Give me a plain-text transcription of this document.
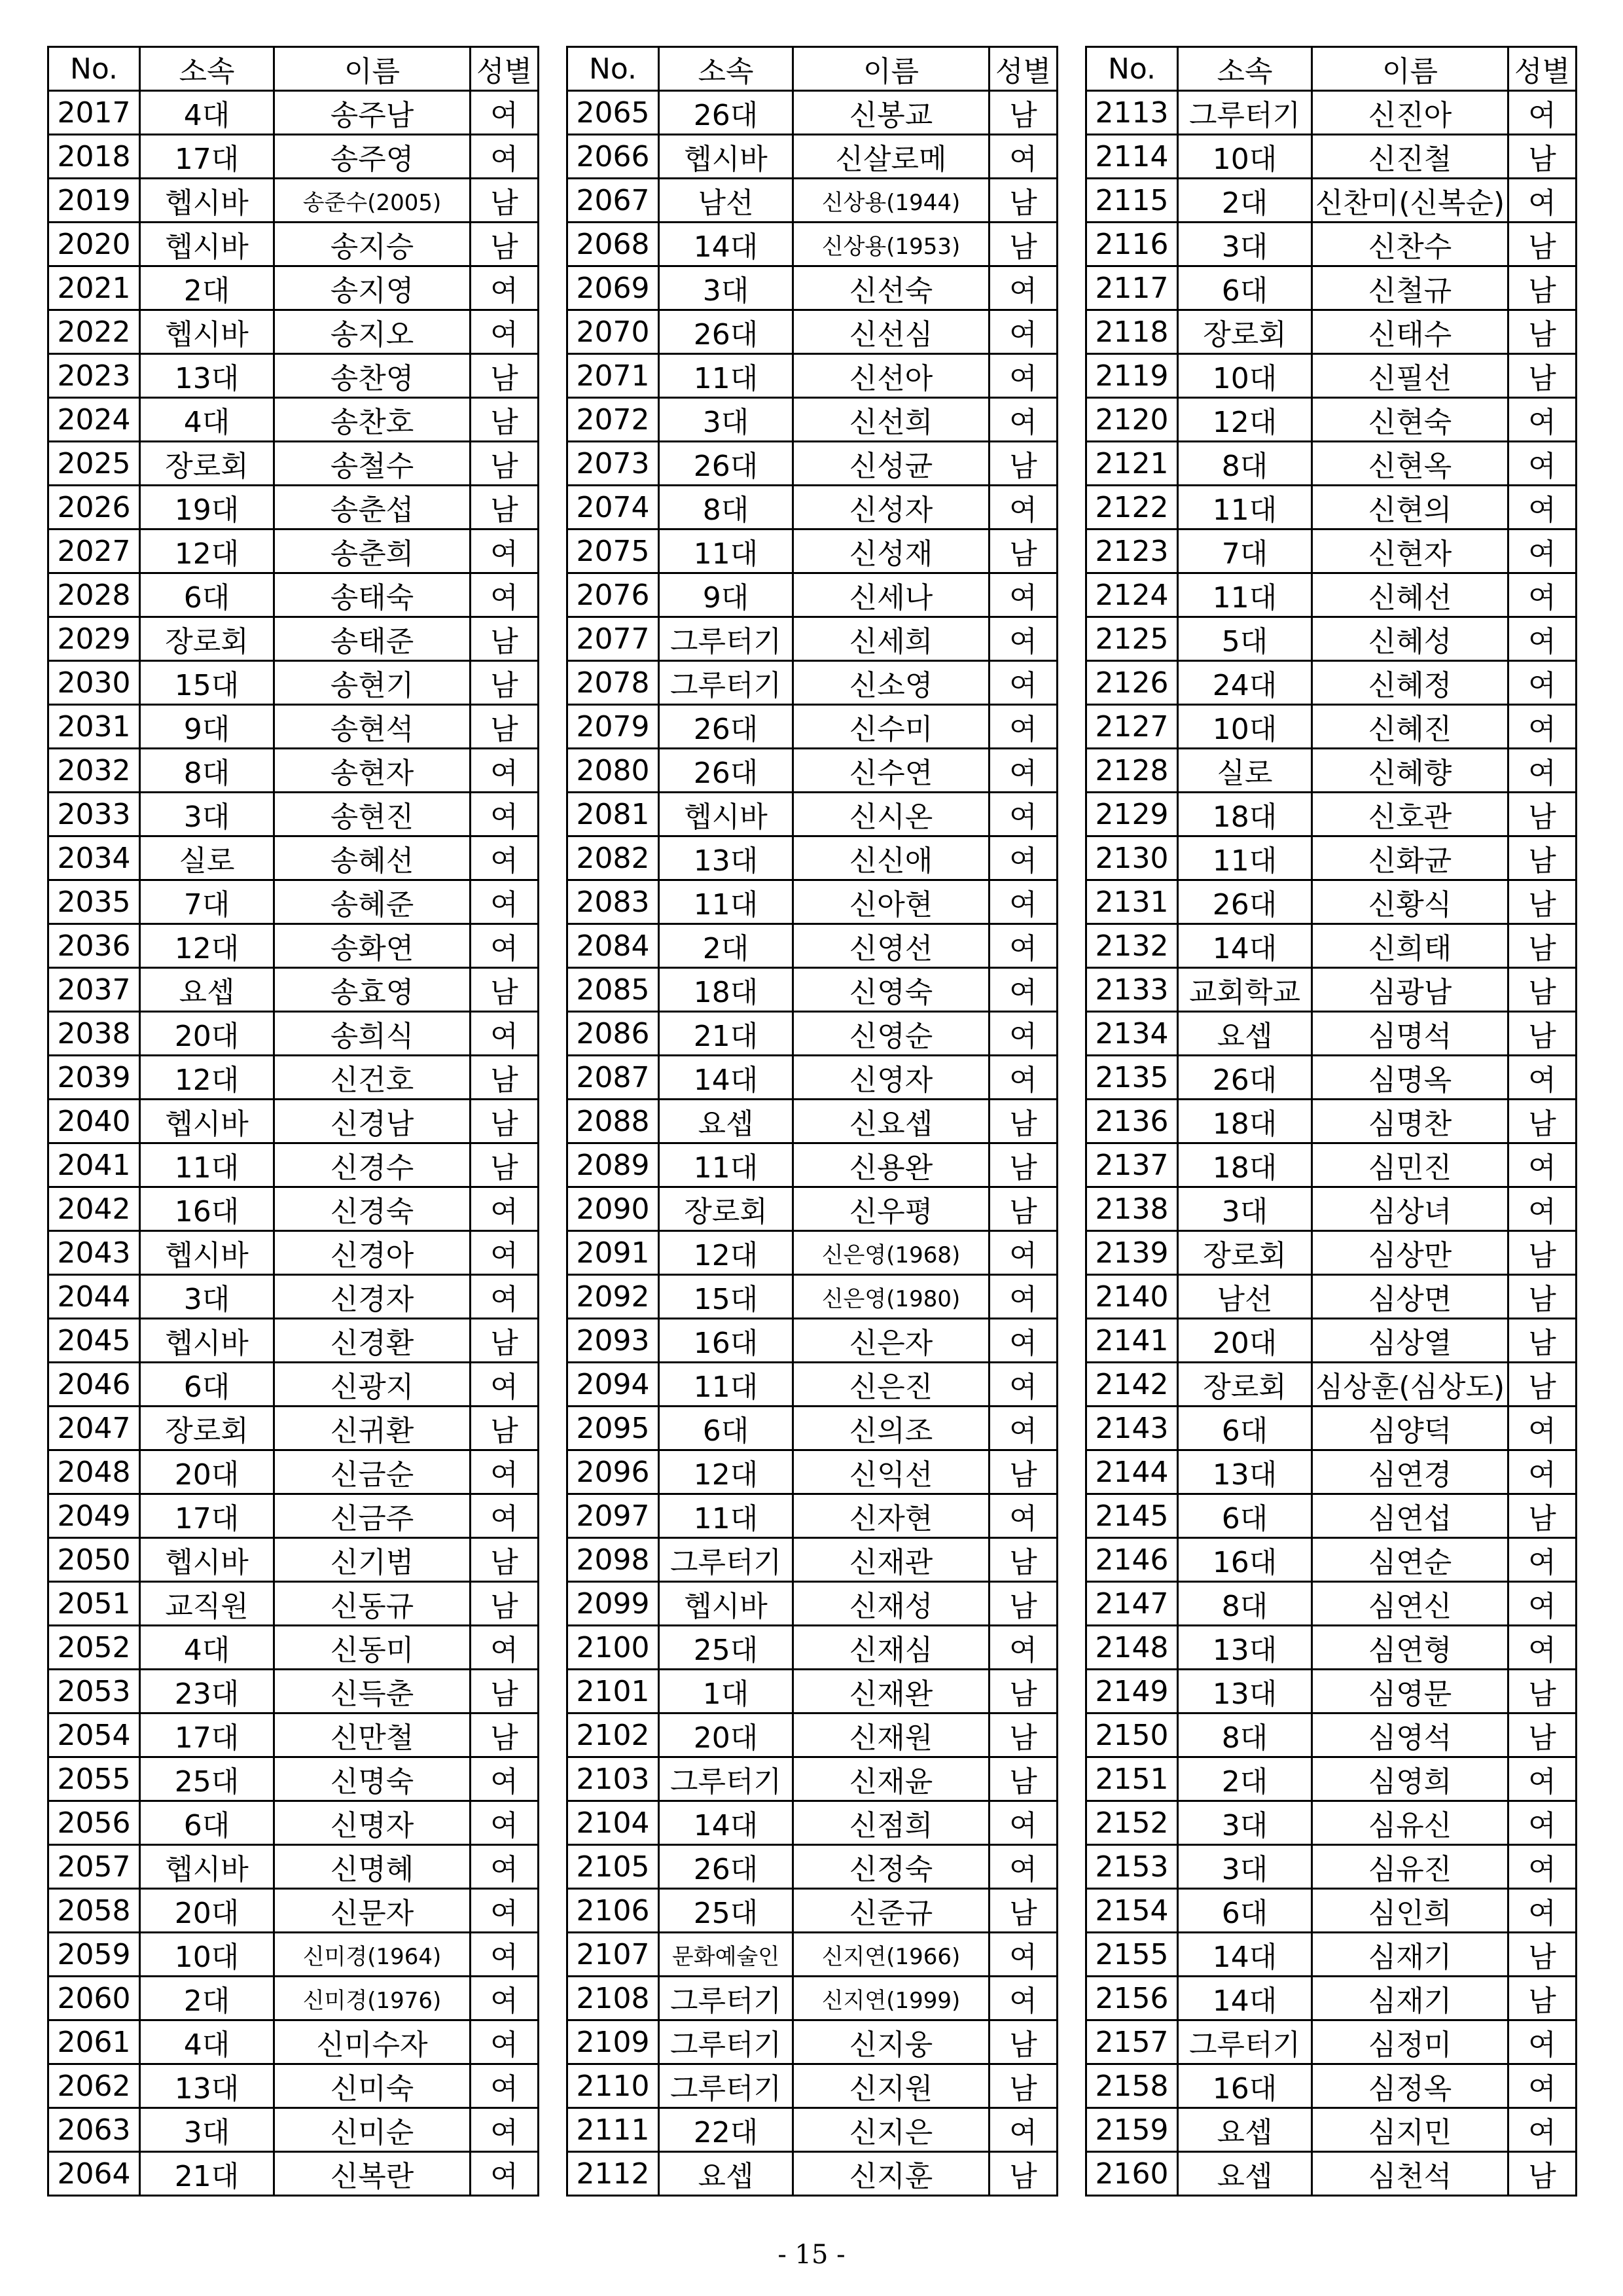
No.	소속	이름	성별
2017	4대	송주남	여
2018	17대	송주영	여
2019	헵시바	송준수(2005)	남
2020	헵시바	송지승	남
2021	2대	송지영	여
2022	헵시바	송지오	여
2023	13대	송찬영	남
2024	4대	송찬호	남
2025	장로회	송철수	남
2026	19대	송춘섭	남
2027	12대	송춘희	여
2028	6대	송태숙	여
2029	장로회	송태준	남
2030	15대	송현기	남
2031	9대	송현석	남
2032	8대	송현자	여
2033	3대	송현진	여
2034	실로	송혜선	여
2035	7대	송혜준	여
2036	12대	송화연	여
2037	요셉	송효영	남
2038	20대	송희식	여
2039	12대	신건호	남
2040	헵시바	신경남	남
2041	11대	신경수	남
2042	16대	신경숙	여
2043	헵시바	신경아	여
2044	3대	신경자	여
2045	헵시바	신경환	남
2046	6대	신광지	여
2047	장로회	신귀환	남
2048	20대	신금순	여
2049	17대	신금주	여
2050	헵시바	신기범	남
2051	교직원	신동규	남
2052	4대	신동미	여
2053	23대	신득춘	남
2054	17대	신만철	남
2055	25대	신명숙	여
2056	6대	신명자	여
2057	헵시바	신명혜	여
2058	20대	신문자	여
2059	10대	신미경(1964)	여
2060	2대	신미경(1976)	여
2061	4대	신미수자	여
2062	13대	신미숙	여
2063	3대	신미순	여
2064	21대	신복란	여
No.	소속	이름	성별
2065	26대	신봉교	남
2066	헵시바	신살로메	여
2067	남선	신상용(1944)	남
2068	14대	신상용(1953)	남
2069	3대	신선숙	여
2070	26대	신선심	여
2071	11대	신선아	여
2072	3대	신선희	여
2073	26대	신성균	남
2074	8대	신성자	여
2075	11대	신성재	남
2076	9대	신세나	여
2077	그루터기	신세희	여
2078	그루터기	신소영	여
2079	26대	신수미	여
2080	26대	신수연	여
2081	헵시바	신시온	여
2082	13대	신신애	여
2083	11대	신아현	여
2084	2대	신영선	여
2085	18대	신영숙	여
2086	21대	신영순	여
2087	14대	신영자	여
2088	요셉	신요셉	남
2089	11대	신용완	남
2090	장로회	신우평	남
2091	12대	신은영(1968)	여
2092	15대	신은영(1980)	여
2093	16대	신은자	여
2094	11대	신은진	여
2095	6대	신의조	여
2096	12대	신익선	남
2097	11대	신자현	여
2098	그루터기	신재관	남
2099	헵시바	신재성	남
2100	25대	신재심	여
2101	1대	신재완	남
2102	20대	신재원	남
2103	그루터기	신재윤	남
2104	14대	신점희	여
2105	26대	신정숙	여
2106	25대	신준규	남
2107	문화예술인	신지연(1966)	여
2108	그루터기	신지연(1999)	여
2109	그루터기	신지웅	남
2110	그루터기	신지원	남
2111	22대	신지은	여
2112	요셉	신지훈	남
No.	소속	이름	성별
2113	그루터기	신진아	여
2114	10대	신진철	남
2115	2대	신찬미(신복순)	여
2116	3대	신찬수	남
2117	6대	신철규	남
2118	장로회	신태수	남
2119	10대	신필선	남
2120	12대	신현숙	여
2121	8대	신현옥	여
2122	11대	신현의	여
2123	7대	신현자	여
2124	11대	신혜선	여
2125	5대	신혜성	여
2126	24대	신혜정	여
2127	10대	신혜진	여
2128	실로	신혜향	여
2129	18대	신호관	남
2130	11대	신화균	남
2131	26대	신황식	남
2132	14대	신희태	남
2133	교회학교	심광남	남
2134	요셉	심명석	남
2135	26대	심명옥	여
2136	18대	심명찬	남
2137	18대	심민진	여
2138	3대	심상녀	여
2139	장로회	심상만	남
2140	남선	심상면	남
2141	20대	심상열	남
2142	장로회	심상훈(심상도)	남
2143	6대	심양덕	여
2144	13대	심연경	여
2145	6대	심연섭	남
2146	16대	심연순	여
2147	8대	심연신	여
2148	13대	심연형	여
2149	13대	심영문	남
2150	8대	심영석	남
2151	2대	심영희	여
2152	3대	심유신	여
2153	3대	심유진	여
2154	6대	심인희	여
2155	14대	심재기	남
2156	14대	심재기	남
2157	그루터기	심정미	여
2158	16대	심정옥	여
2159	요셉	심지민	여
2160	요셉	심천석	남
- 15 -
